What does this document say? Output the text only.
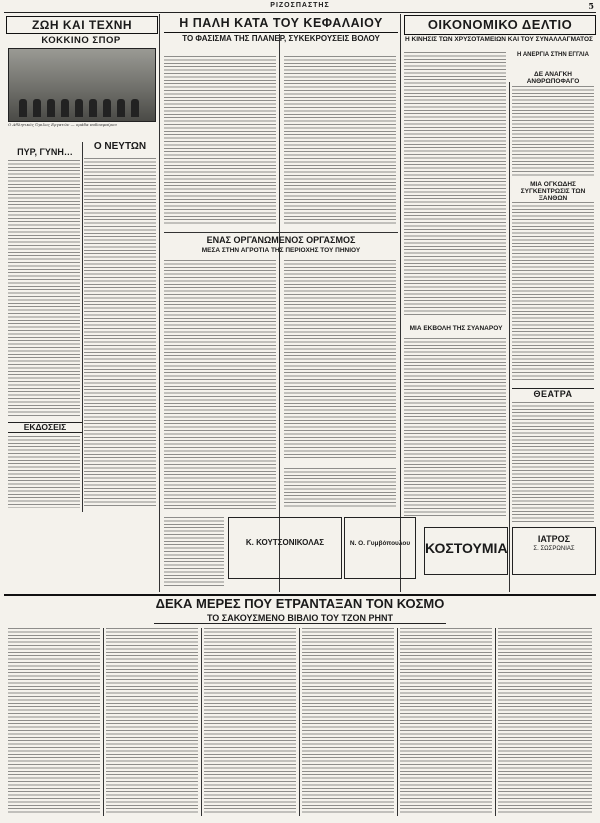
ΡΙΖΟΣΠΑΣΤΗΣ	5
ΖΩΗ ΚΑΙ ΤΕΧΝΗ
ΚΟΚΚΙΝΟ ΣΠΟΡ
Η ΠΑΛΗ ΚΑΤΑ ΤΟΥ ΚΕΦΑΛΑΙΟΥ	ΟΙΚΟΝΟΜΙΚΟ ΔΕΛΤΙΟ
Ο Αθλητικός Όμιλος Εργατών — ομάδα ποδοσφαίρου
ΠΥΡ, ΓΥΝΗ…	Ο ΝΕΥΤΩΝ
ΕΚΔΟΣΕΙΣ
ΤΟ ΦΑΣΙΣΜΑ ΤΗΣ ΠΛΑΝΕΡ, ΣΥΚΕΚΡΟΥΣΕΙΣ ΒΟΛΟΥ
ΕΝΑΣ ΟΡΓΑΝΩΜΕΝΟΣ ΟΡΓΑΣΜΟΣ
ΜΕΣΑ ΣΤΗΝ ΑΓΡΟΤΙΑ ΤΗΣ ΠΕΡΙΟΧΗΣ ΤΟΥ ΠΗΝΙΟΥ
Κ. ΚΟΥΤΣΟΝΙΚΟΛΑΣ	Ν. Ο. Γυμβόπουλου
ΜΙΑ ΕΚΒΟΛΗ ΤΗΣ ΣΥΑΝΑΡΟΥ
Η ΚΙΝΗΣΙΣ ΤΩΝ ΧΡΥΣΟΤΑΜΕΙΩΝ ΚΑΙ ΤΟΥ ΣΥΝΑΛΛΑΓΜΑΤΟΣ
Η ΑΝΕΡΓΙΑ ΣΤΗΝ ΕΓΓΛΙΑ
ΔΕ ΑΝΑΓΚΗ ΑΝΘΡΩΠΟΦΑΓΟ
ΜΙΑ ΟΓΚΩΔΗΣ ΣΥΓΚΕΝΤΡΩΣΙΣ ΤΩΝ ΞΑΝΘΩΝ
ΘΕΑΤΡΑ
ΚΟΣΤΟΥΜΙΑ
ΙΑΤΡΟΣ
Σ. ΣΩΣΡΩΝΙΑΣ
ΔΕΚΑ ΜΕΡΕΣ ΠΟΥ ΕΤΡΑΝΤΑΞΑΝ ΤΟΝ ΚΟΣΜΟ
ΤΟ ΣΑΚΟΥΣΜΕΝΟ ΒΙΒΛΙΟ ΤΟΥ ΤΖΟΝ ΡΗΝΤ
